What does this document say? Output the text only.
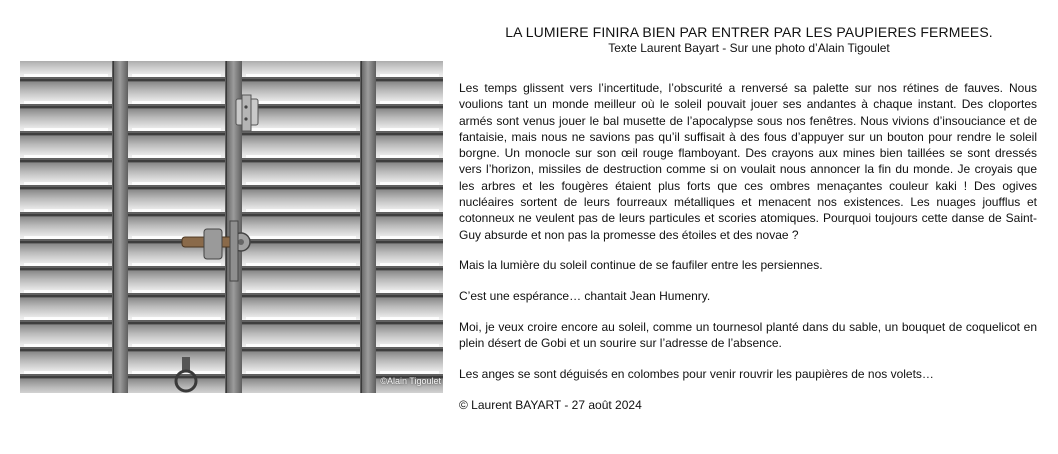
©Alain Tigoulet
LA LUMIERE FINIRA BIEN PAR ENTRER PAR LES PAUPIERES FERMEES.
Texte Laurent Bayart - Sur une photo d’Alain Tigoulet

Les temps glissent vers l’incertitude, l’obscurité a renversé sa palette sur nos rétines de fauves. Nous voulions tant un monde meilleur où le soleil pouvait jouer ses andantes à chaque instant. Des cloportes armés sont venus jouer le bal musette de l’apocalypse sous nos fenêtres. Nous vivions d’insouciance et de fantaisie, mais nous ne savions pas qu’il suffisait à des fous d’appuyer sur un bouton pour rendre le soleil borgne. Un monocle sur son œil rouge flamboyant. Des crayons aux mines bien taillées se sont dressés vers l’horizon, missiles de destruction comme si on voulait nous annoncer la fin du monde. Je croyais que les arbres et les fougères étaient plus forts que ces ombres menaçantes couleur kaki ! Des ogives nucléaires sortent de leurs fourreaux métalliques et menacent nos existences. Les nuages joufflus et cotonneux ne veulent pas de leurs particules et scories atomiques. Pourquoi toujours cette danse de Saint-Guy absurde et non pas la promesse des étoiles et des novae ?

Mais la lumière du soleil continue de se faufiler entre les persiennes.

C’est une espérance… chantait Jean Humenry.

Moi, je veux croire encore au soleil, comme un tournesol planté dans du sable, un bouquet de coquelicot en plein désert de Gobi et un sourire sur l’adresse de l’absence.

Les anges se sont déguisés en colombes pour venir rouvrir les paupières de nos volets…

© Laurent BAYART - 27 août 2024
